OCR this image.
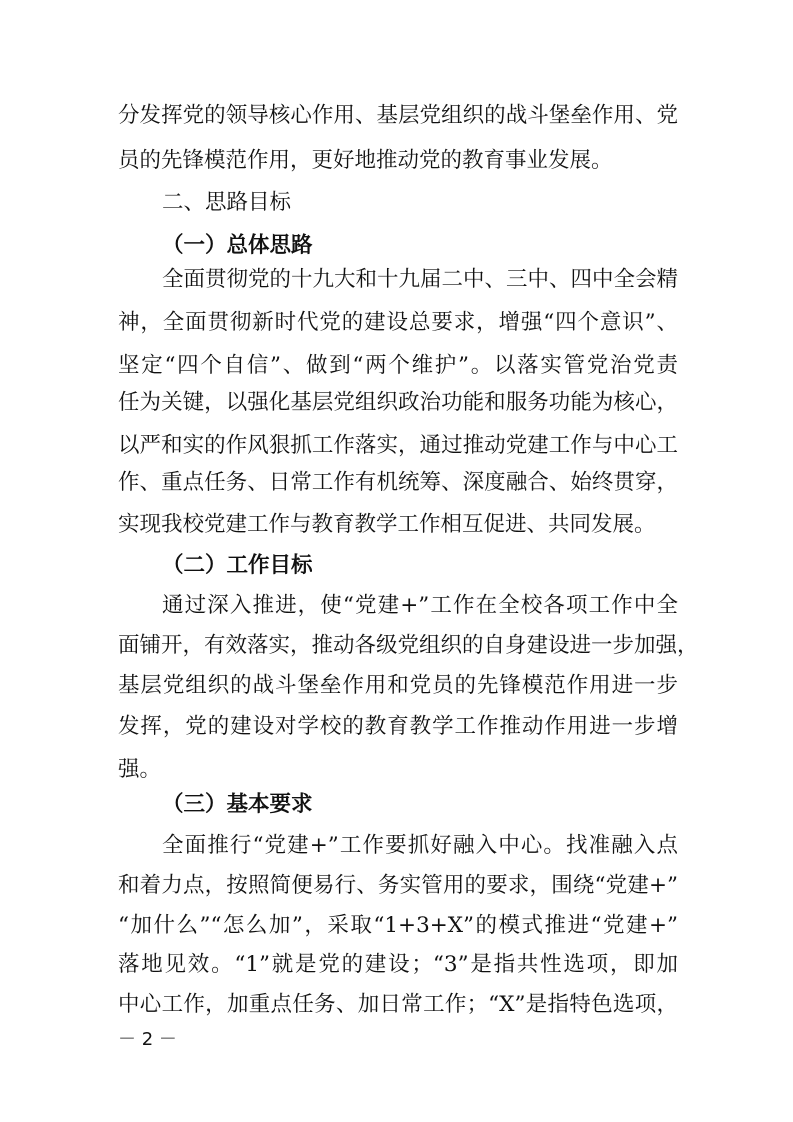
分发挥党的领导核心作用、基层党组织的战斗堡垒作用、党
员的先锋模范作用，更好地推动党的教育事业发展。
二、思路目标
（一）总体思路
全面贯彻党的十九大和十九届二中、三中、四中全会精
神，全面贯彻新时代党的建设总要求，增强“四个意识”、
坚定“四个自信”、做到“两个维护”。以落实管党治党责
任为关键，以强化基层党组织政治功能和服务功能为核心，
以严和实的作风狠抓工作落实，通过推动党建工作与中心工
作、重点任务、日常工作有机统筹、深度融合、始终贯穿，
实现我校党建工作与教育教学工作相互促进、共同发展。
（二）工作目标
通过深入推进，使“党建+”工作在全校各项工作中全
面铺开，有效落实，推动各级党组织的自身建设进一步加强，
基层党组织的战斗堡垒作用和党员的先锋模范作用进一步
发挥，党的建设对学校的教育教学工作推动作用进一步增
强。
（三）基本要求
全面推行“党建+”工作要抓好融入中心。找准融入点
和着力点，按照简便易行、务实管用的要求，围绕“党建+”
“加什么”“怎么加”，采取“1+3+X”的模式推进“党建+”
落地见效。“1”就是党的建设；“3”是指共性选项，即加
中心工作，加重点任务、加日常工作；“X”是指特色选项，
－ 2 －
